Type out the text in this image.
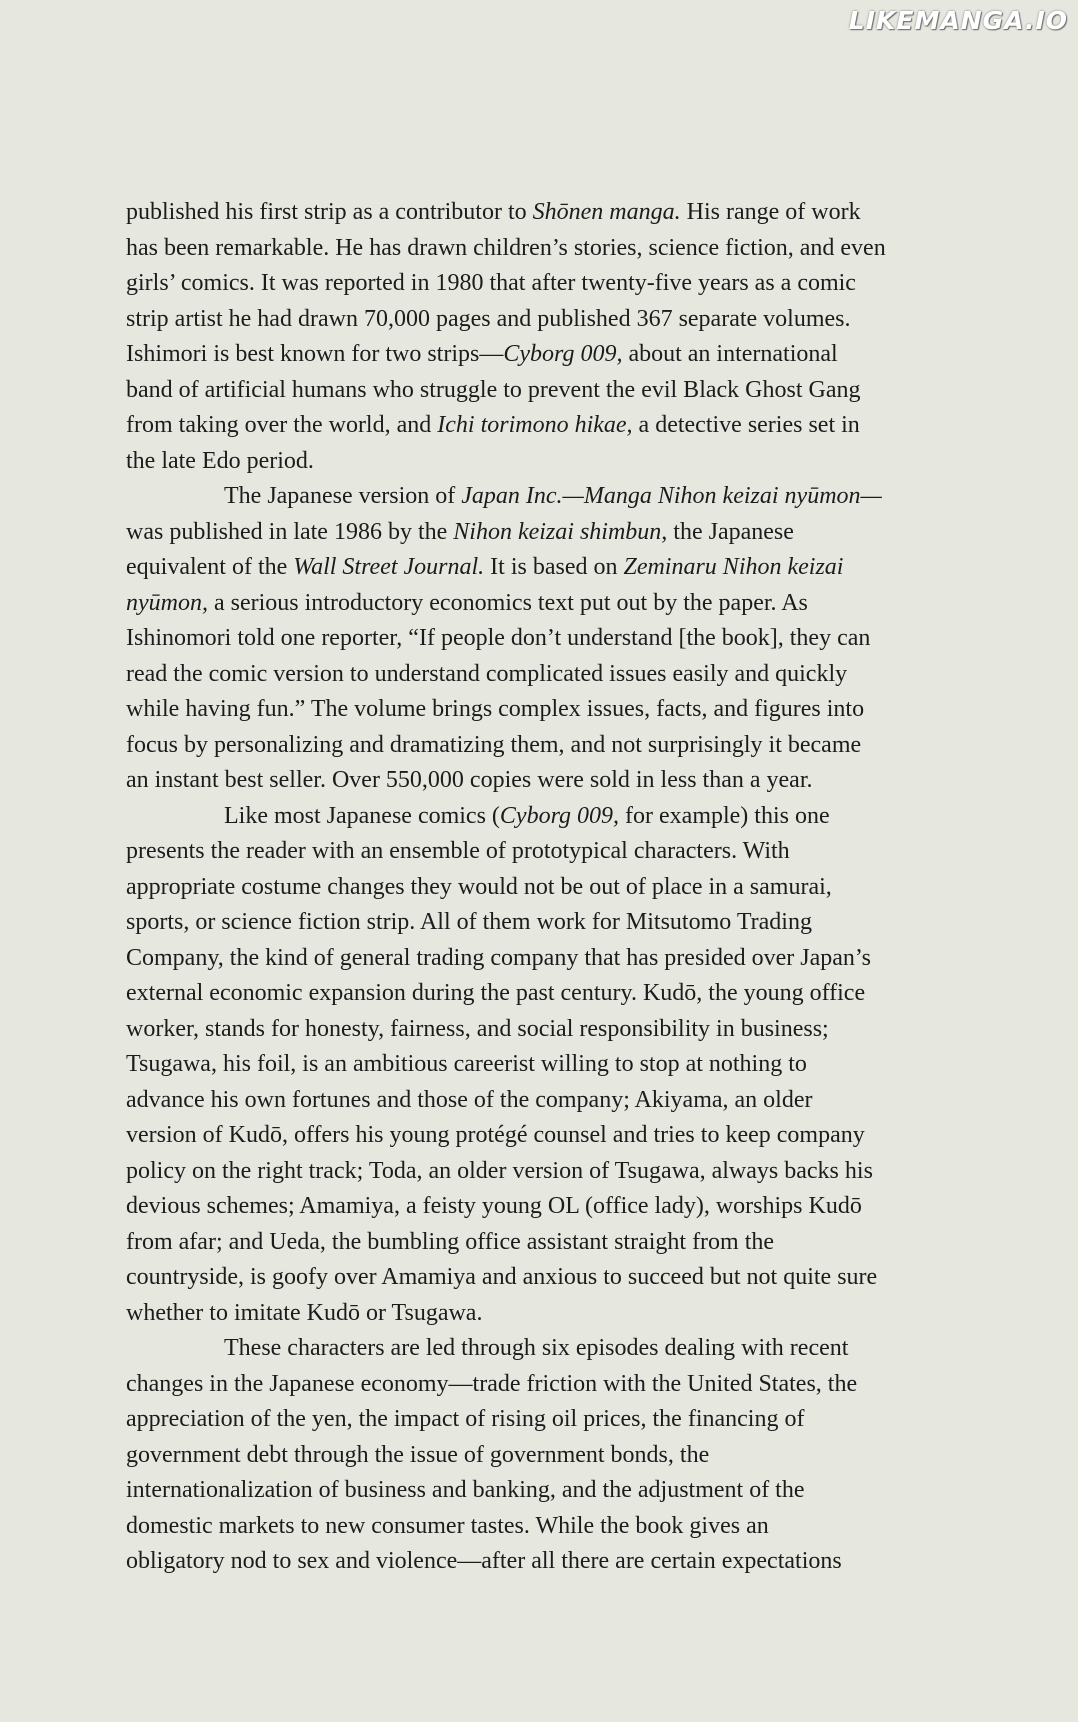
LIKEMANGA.IO
published his first strip as a contributor to Shōnen manga. His range of work
has been remarkable. He has drawn children’s stories, science fiction, and even
girls’ comics. It was reported in 1980 that after twenty-five years as a comic
strip artist he had drawn 70,000 pages and published 367 separate volumes.
Ishimori is best known for two strips—Cyborg 009, about an international
band of artificial humans who struggle to prevent the evil Black Ghost Gang
from taking over the world, and Ichi torimono hikae, a detective series set in
the late Edo period.
The Japanese version of Japan Inc.—Manga Nihon keizai nyūmon—
was published in late 1986 by the Nihon keizai shimbun, the Japanese
equivalent of the Wall Street Journal. It is based on Zeminaru Nihon keizai
nyūmon, a serious introductory economics text put out by the paper. As
Ishinomori told one reporter, “If people don’t understand [the book], they can
read the comic version to understand complicated issues easily and quickly
while having fun.” The volume brings complex issues, facts, and figures into
focus by personalizing and dramatizing them, and not surprisingly it became
an instant best seller. Over 550,000 copies were sold in less than a year.
Like most Japanese comics (Cyborg 009, for example) this one
presents the reader with an ensemble of prototypical characters. With
appropriate costume changes they would not be out of place in a samurai,
sports, or science fiction strip. All of them work for Mitsutomo Trading
Company, the kind of general trading company that has presided over Japan’s
external economic expansion during the past century. Kudō, the young office
worker, stands for honesty, fairness, and social responsibility in business;
Tsugawa, his foil, is an ambitious careerist willing to stop at nothing to
advance his own fortunes and those of the company; Akiyama, an older
version of Kudō, offers his young protégé counsel and tries to keep company
policy on the right track; Toda, an older version of Tsugawa, always backs his
devious schemes; Amamiya, a feisty young OL (office lady), worships Kudō
from afar; and Ueda, the bumbling office assistant straight from the
countryside, is goofy over Amamiya and anxious to succeed but not quite sure
whether to imitate Kudō or Tsugawa.
These characters are led through six episodes dealing with recent
changes in the Japanese economy—trade friction with the United States, the
appreciation of the yen, the impact of rising oil prices, the financing of
government debt through the issue of government bonds, the
internationalization of business and banking, and the adjustment of the
domestic markets to new consumer tastes. While the book gives an
obligatory nod to sex and violence—after all there are certain expectations
